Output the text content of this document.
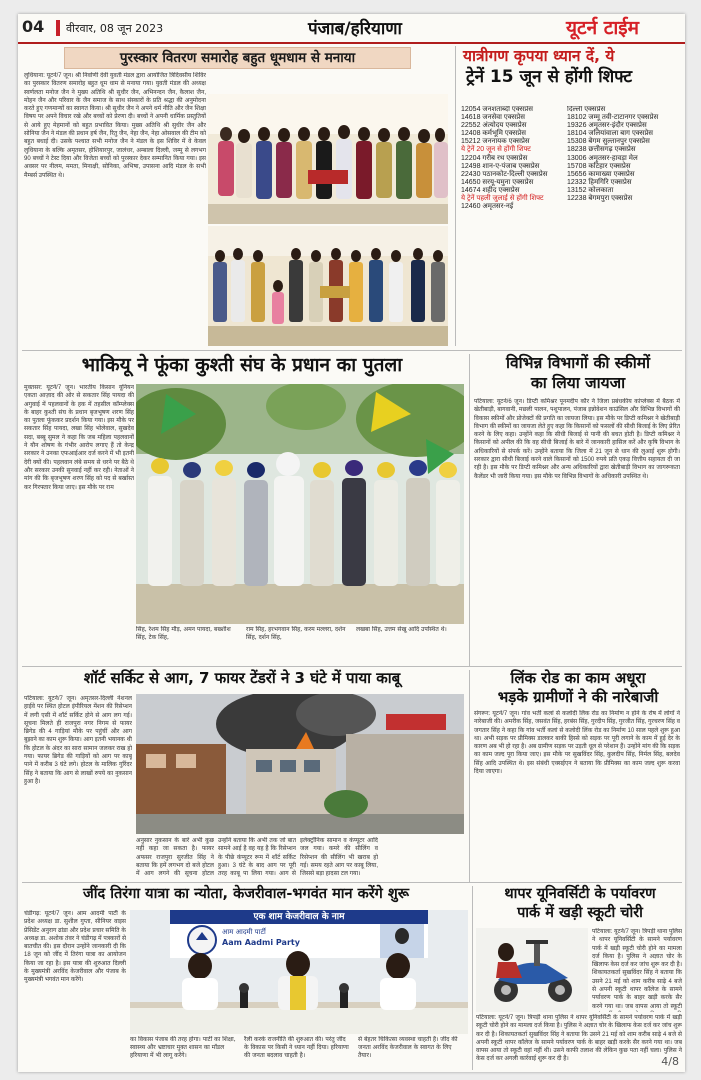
04 वीरवार, 08 जून 2023	पंजाब/हरियाणा	यूटर्न टाईम
पुरस्कार वितरण समारोह बहुत धूमधाम से मनाया
लुधियाना: यूटर्न/7 जून। श्री निर्वाणी देवी युवती मंडल द्वारा आयोजित त्रिदिवसीय शिविर का पुरस्कार वितरण समारोह बहुत धूम धाम से मनाया गया। युवती मंडल की अध्यक्ष स्वर्णलता मनोज जैन ने मुख्य अतिथि श्री सुधीर जैन, अभिनन्दन जैन, कैलाश जैन, मोहन जैन और परिवार के जैन समाज के साथ संस्कारों के प्रति श्रद्धा की अनुमोदना करते हुए गणमान्यों का स्वागत किया। श्री सुधीर जैन ने अपने धर्म नीति और जैन शिक्षा विषय पर अपने विचार रखे और बच्चों को प्रेरणा दी। बच्चों ने अपनी धार्मिक प्रस्तुतियों से आये हुए मेहमानों को बहुत प्रभावित किया। मुख्य अतिथि श्री सुधीर जैन और सोनिया जैन ने मंडल की प्रधान हर्ष जैन, रितु जैन, नेहा जैन, नेहा ओसवाल की टीम को बहुत बधाई दी। उसके पश्चात सभी मनोज जैन ने मंडल के इस शिविर में वे केवल लुधियाना के बल्कि अमृतसर, होशियारपुर, जालंधर, अम्बाला दिल्ली, जम्मू से लगभग 90 बच्चों ने टेस्ट दिया और विजेता बच्चों को पुरस्कार देकर सम्मानित किया गया। इस अवसर पर नीलम, ममता, मिनाक्षी, सोनिका, अभिषा, उपासना आदि मंडल के सभी मैम्बर्स उपस्थित थे।
यात्रीगण कृपया ध्यान दें, ये
ट्रेनें 15 जून से होंगी शिफ्ट
12054 जनशताब्दी एक्सप्रेस
14618 जनसेवा एक्सप्रेस
22552 अंत्योदय एक्सप्रेस
12408 कर्मभूमि एक्सप्रेस
15212 जननायक एक्सप्रेस
ये ट्रेनें 20 जून से होंगी शिफ्ट
12204 गरीब रथ एक्सप्रेस
12498 शान-ए-पंजाब एक्सप्रेस
22430 पठानकोट-दिल्ली एक्सप्रेस
14650 सरयू-यमुना एक्सप्रेस
14674 शहीद एक्सप्रेस
ये ट्रेनें पहली जुलाई से होंगी शिफ्ट
12460 अमृतसर-नई
दिल्ली एक्सप्रेस
18102 जम्मू तवी-टाटानगर एक्सप्रेस
19326 अमृतसर-इंदौर एक्सप्रेस
18104 जलियांवाला बाग एक्सप्रेस
15308 बेगम सुल्तानपुर एक्सप्रेस
18238 छत्तीसगढ़ एक्सप्रेस
13006 अमृतसर-हावड़ा मेल
15708 कटिहार एक्सप्रेस
15656 कामाख्या एक्सप्रेस
12332 हिमगिरि एक्सप्रेस
13152 कोलकाता
12238 बेगमपुरा एक्सप्रेस
भाकियू ने फूंका कुश्ती संघ के प्रधान का पुतला
मुक्तसर: यूटर्न/7 जून। भारतीय किसान यूनियन एकता आज़ाद की ओर से सकतार सिंह पायदा की अगुवाई में पहलवानों के हक में तहसील कॉम्प्लेक्स के बाहर कुश्ती संघ के प्रधान बृजभूषण शरण सिंह का पुतला फूंककर प्रदर्शन किया गया। इस मौके पर सकतार सिंह पायदा, लखा सिंह भोलेवाल, सुखदेव सदा, बब्बू सुमल ने कहा कि जब महिला पहलवानों ने यौन शोषण के गंभीर आरोप लगाए हैं तो केन्द्र सरकार ने उनका एफआईआर दर्ज करने में भी इतनी देरी क्यों की। पहलवान लंबे समय से धरने पर बैठे थे और सरकार उनकी सुनवाई नहीं कर रही। नेताओं ने मांग की कि बृजभूषण शरण सिंह को पद से बर्खास्त कर गिरफ्तार किया जाए। इस मौके पर राम
सिंह, रेशम सिंह मौड़, अमन पायदा, बख्शीश सिंह, टेक सिंह,
राम सिंह, हरभगवान सिंह, करम मल्लरा, दर्शन सिंह, दर्शन सिंह,
लखबा सिंह, उत्तम सेखू आदि उपस्थित थे।
विभिन्न विभागों की स्कीमों
का लिया जायजा
पटियाला: यूटर्न/6 जून। डिप्टी कमिश्नर पूनमदीप कौर ने जिला प्रबंधकीय कांप्लेक्स में बैठक में खेतीबाड़ी, बागवानी, मछली पालन, पशुपालन, पंजाब इन्नोवेशन काउंसिल और विभिन्न विभागों की विकास स्कीमों और प्रोजेक्टों की प्रगति का जायजा लिया। इस मौके पर डिप्टी कमिश्नर ने खेतीबाड़ी विभाग की स्कीमों का जायजा लेते हुए कहा कि किसानों को फसलों की सीधी बिजाई के लिए प्रेरित करने के लिए कहा। उन्होंने कहा कि सीधी बिजाई से पानी की बचत होती है। डिप्टी कमिश्नर ने किसानों को अपील की कि वह सीधी बिजाई के बारे में जानकारी हासिल करें और कृषि विभाग के अधिकारियों से संपर्क करें। उन्होंने बताया कि जिला में 21 जून से धान की लुआई शुरू होगी। सरकार द्वारा सीधी बिजाई करने वाले किसानों को 1500 रुपये प्रति एकड़ वित्तीय सहायता दी जा रही है। इस मौके पर डिप्टी कमिश्नर और अन्य अधिकारियों द्वारा खेतीबाड़ी विभाग का जागरूकता कैलेंडर भी जारी किया गया। इस मौके पर विभिन्न विभागों के अधिकारी उपस्थित थे।
शॉर्ट सर्किट से आग, 7 फायर टेंडरों ने 3 घंटे में पाया काबू
पटियाला: यूटर्न/7 जून। अमृतसर-दिल्ली नेशनल हाईवे पर स्थित होटल इंपीरियल मेंशन की रिसेप्शन में लगी एसी में शॉर्ट सर्किट होने से आग लग गई। सूचना मिलते ही राजपुरा नगर निगम से फायर ब्रिगेड की 4 गाड़ियां मौके पर पहुंचीं और आग बुझाने का काम शुरू किया। आग इतनी भयानक थी कि होटल के अंदर का सारा सामान जलकर राख हो गया। फायर ब्रिगेड की गाड़ियों को आग पर काबू पाने में करीब 3 घंटे लगे। होटल के मालिक गुरिंदर सिंह ने बताया कि आग से लाखों रुपये का नुकसान हुआ है।
अनुसार नुकसान के बारे अभी कुछ नहीं कहा जा सकता है। फायर अफसर राजपुरा सुरजीत सिंह ने बताया कि हमें लगभग दो बजे होटल में आग लगने की सूचना होटल
उन्होंने बताया कि अभी तक जो बात सामने आई है वह यह है कि रिसेप्शन के पीछे कंप्यूटर रूम में शॉर्ट सर्किट हुआ। 3 घंटे के बाद आग पर पूरी तरह काबू पा लिया गया। आग से
इलेक्ट्रॉनिक सामान व कंप्यूटर आदि जल गया। कमरे की सीलिंग व रिसेप्शन की सीलिंग भी खराब हो गई। समय रहते आग पर काबू लिया, जिससे बड़ा हादसा टल गया।
लिंक रोड का काम अधूरा
भड़के ग्रामीणों ने की नारेबाजी
संगरूर: यूटर्न/7 जून। गांव भर्ती कलां से कलोदी लिंक रोड का निर्माण न होने के रोष में लोगों ने नारेबाजी की। अमरीक सिंह, जसवंत सिंह, हरबंस सिंह, गुरदीप सिंह, गुरजीत सिंह, गुरचरण सिंह व जगतार सिंह ने कहा कि गांव भर्ती कलां से कलोदी लिंक रोड का निर्माण 10 साल पहले शुरू हुआ था। अभी सड़क पर प्रीमिक्स डालकर बाकी हिस्से को सड़क पर पूरी लगाने के काम में हुई देर के कारण अब भी हो रहा है। अब ग्रामीण सड़क पर उड़ती धूल से परेशान हैं। उन्होंने मांग की कि सड़क का काम जल्द पूरा किया जाए। इस मौके पर सुखविंदर सिंह, कुलदीप सिंह, निर्मल सिंह, बलदेव सिंह आदि उपस्थित थे। इस संबंधी एक्सईएन ने बताया कि प्रीमिक्स का काम जल्द शुरू करवा दिया जाएगा।
जींद तिरंगा यात्रा का न्योता, केजरीवाल-भगवंत मान करेंगे शुरू
चंडीगढ़: यूटर्न/7 जून। आम आदमी पार्टी के प्रदेश अध्यक्ष डा. सुशील गुप्ता, सीनियर वाइस प्रेसिडेंट अनुराग ढांडा और प्रदेश प्रचार समिति के अध्यक्ष डा. अशोक तंवर ने चंडीगढ़ में पत्रकारों से बातचीत की। इस दौरान उन्होंने जानकारी दी कि 18 जून को जींद में तिरंगा यात्रा का आयोजन किया जा रहा है। इस यात्रा की शुरुआत दिल्ली के मुख्यमंत्री अरविंद केजरीवाल और पंजाब के मुख्यमंत्री भगवंत मान करेंगे।
एक शाम केजरीवाल के नाम
आम आदमी पार्टी
Aam Aadmi Party
का विकास पंजाब की तरह होगा। पार्टी का शिक्षा, स्वास्थ्य और भ्रष्टाचार मुक्त शासन का मॉडल हरियाणा में भी लागू करेंगे।
रैली करके राजनीति की शुरुआत की। परंतु जींद के विकास पर किसी ने ध्यान नहीं दिया। हरियाणा की जनता बदलाव चाहती है।
से बेहतर चिकित्सा व्यवस्था चाहती है। जींद की जनता अरविंद केजरीवाल के स्वागत के लिए तैयार।
थापर यूनिवर्सिटी के पर्यावरण
पार्क में खड़ी स्कूटी चोरी
पटियाला: यूटर्न/7 जून। त्रिपड़ी थाना पुलिस ने थापर यूनिवर्सिटी के सामने पर्यावरण पार्क में खड़ी स्कूटी चोरी होने का मामला दर्ज किया है। पुलिस ने अज्ञात चोर के खिलाफ केस दर्ज कर जांच शुरू कर दी है। शिकायतकर्ता सुखविंदर सिंह ने बताया कि उसने 21 मई को शाम करीब साढ़े 4 बजे से अपनी स्कूटी थापर कॉलेज के सामने पर्यावरण पार्क के बाहर खड़ी करके सैर करने गया था। जब वापस आया तो स्कूटी
पटियाला: यूटर्न/7 जून। त्रिपड़ी थाना पुलिस ने थापर यूनिवर्सिटी के सामने पर्यावरण पार्क में खड़ी स्कूटी चोरी होने का मामला दर्ज किया है। पुलिस ने अज्ञात चोर के खिलाफ केस दर्ज कर जांच शुरू कर दी है। शिकायतकर्ता सुखविंदर सिंह ने बताया कि उसने 21 मई को शाम करीब साढ़े 4 बजे से अपनी स्कूटी थापर कॉलेज के सामने पर्यावरण पार्क के बाहर खड़ी करके सैर करने गया था। जब वापस आया तो स्कूटी वहां नहीं थी। उसने काफी तलाश की लेकिन कुछ पता नहीं चला। पुलिस ने केस दर्ज कर अगली कार्रवाई शुरू कर दी है।	4/8
